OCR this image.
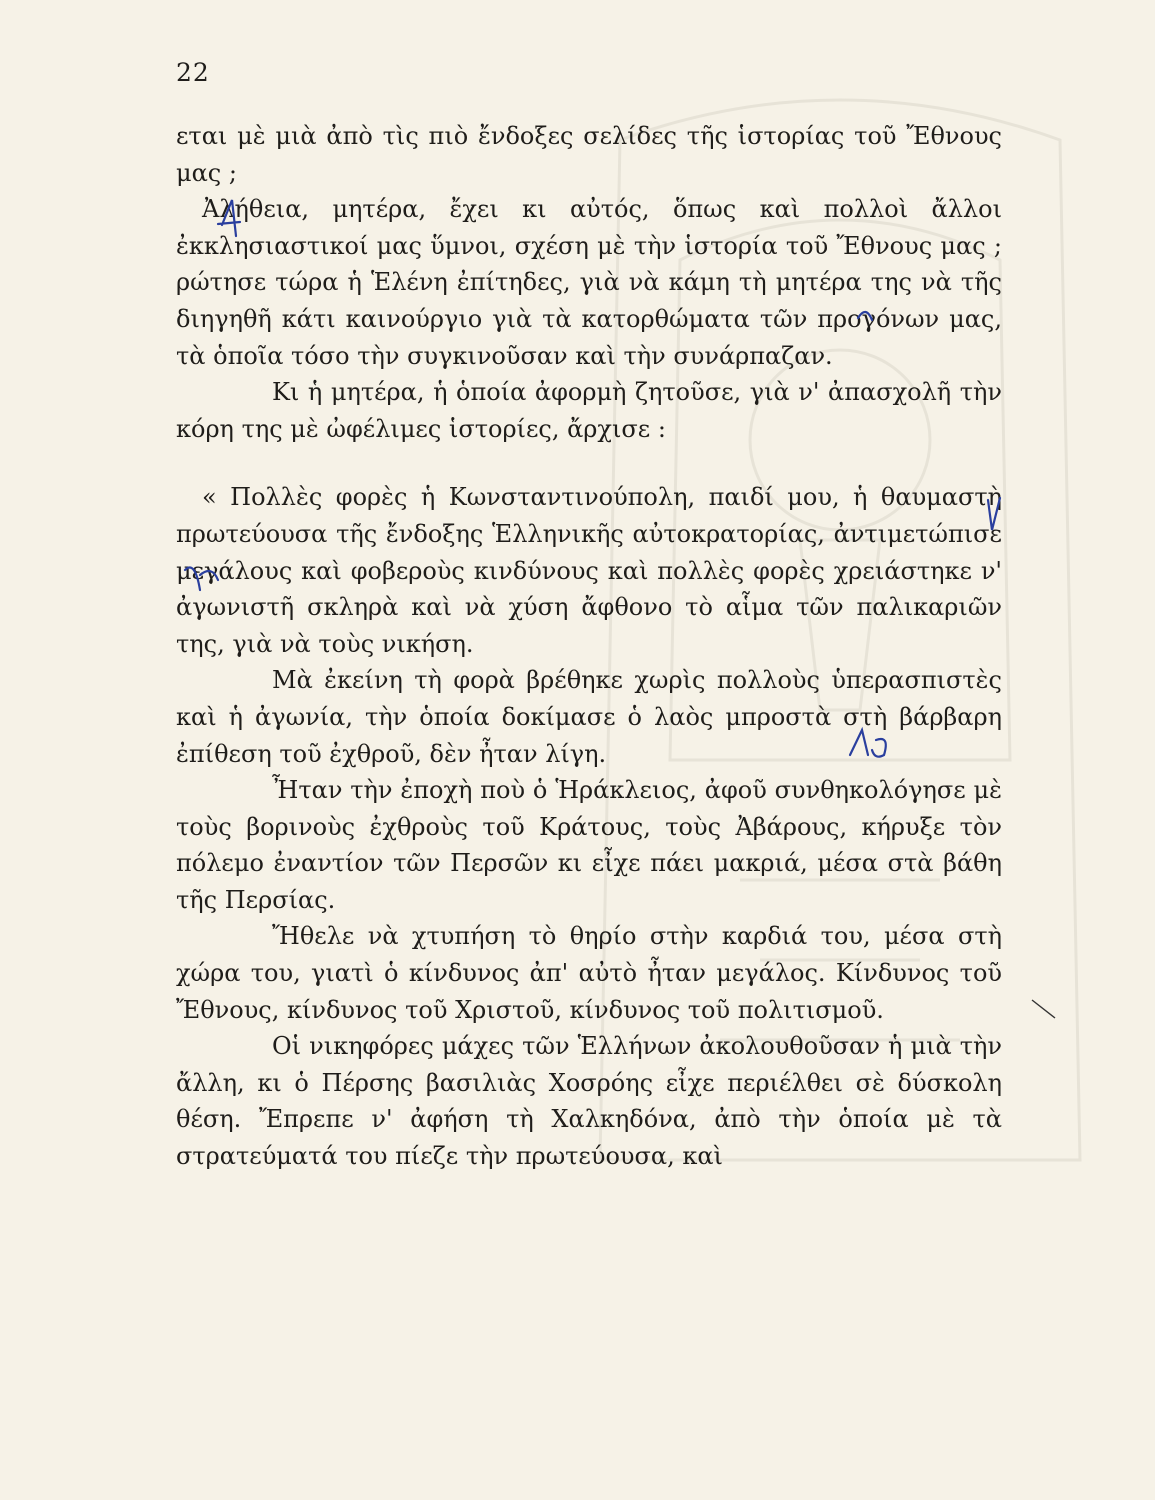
22

εται μὲ μιὰ ἀπὸ τὶς πιὸ ἔνδοξες σελίδες τῆς ἱστορίας τοῦ Ἔθνους μας ;

Ἀλήθεια, μητέρα, ἔχει κι αὐτός, ὅπως καὶ πολλοὶ ἄλλοι ἐκκλησιαστικοί μας ὕμνοι, σχέση μὲ τὴν ἱστορία τοῦ Ἔθνους μας ; ρώτησε τώρα ἡ Ἑλένη ἐπίτηδες, γιὰ νὰ κάμη τὴ μητέρα της νὰ τῆς διηγηθῆ κάτι καινούργιο γιὰ τὰ κατορθώματα τῶν προγόνων μας, τὰ ὁποῖα τόσο τὴν συγκινοῦσαν καὶ τὴν συνάρπαζαν.

Κι ἡ μητέρα, ἡ ὁποία ἀφορμὴ ζητοῦσε, γιὰ ν' ἀπασχολῆ τὴν κόρη της μὲ ὠφέλιμες ἱστορίες, ἄρχισε :

« Πολλὲς φορὲς ἡ Κωνσταντινούπολη, παιδί μου, ἡ θαυμαστὴ πρωτεύουσα τῆς ἔνδοξης Ἑλληνικῆς αὐτοκρατορίας, ἀντιμετώπισε μεγάλους καὶ φοβεροὺς κινδύνους καὶ πολλὲς φορὲς χρειάστηκε ν' ἀγωνιστῆ σκληρὰ καὶ νὰ χύση ἄφθονο τὸ αἷμα τῶν παλικαριῶν της, γιὰ νὰ τοὺς νικήση.

Μὰ ἐκείνη τὴ φορὰ βρέθηκε χωρὶς πολλοὺς ὑπερασπιστὲς καὶ ἡ ἀγωνία, τὴν ὁποία δοκίμασε ὁ λαὸς μπροστὰ στὴ βάρβαρη ἐπίθεση τοῦ ἐχθροῦ, δὲν ἦταν λίγη.

Ἦταν τὴν ἐποχὴ ποὺ ὁ Ἡράκλειος, ἀφοῦ συνθηκολόγησε μὲ τοὺς βορινοὺς ἐχθροὺς τοῦ Κράτους, τοὺς Ἀβάρους, κήρυξε τὸν πόλεμο ἐναντίον τῶν Περσῶν κι εἶχε πάει μακριά, μέσα στὰ βάθη τῆς Περσίας.

Ἤθελε νὰ χτυπήση τὸ θηρίο στὴν καρδιά του, μέσα στὴ χώρα του, γιατὶ ὁ κίνδυνος ἀπ' αὐτὸ ἦταν μεγάλος. Κίνδυνος τοῦ Ἔθνους, κίνδυνος τοῦ Χριστοῦ, κίνδυνος τοῦ πολιτισμοῦ.

Οἱ νικηφόρες μάχες τῶν Ἑλλήνων ἀκολουθοῦσαν ἡ μιὰ τὴν ἄλλη, κι ὁ Πέρσης βασιλιὰς Χοσρόης εἶχε περιέλθει σὲ δύσκολη θέση. Ἔπρεπε ν' ἀφήση τὴ Χαλκηδόνα, ἀπὸ τὴν ὁποία μὲ τὰ στρατεύματά του πίεζε τὴν πρωτεύουσα, καὶ
